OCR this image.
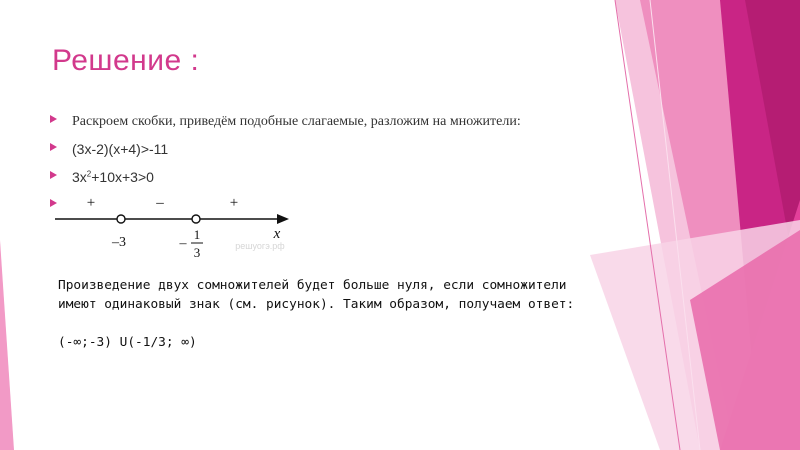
Решение :
Раскроем скобки, приведём подобные слагаемые, разложим на множители:
(3х-2)(х+4)>-11
$3х^2+10х+3>0$
+	–	+
–3	–
1
3
x
решуогэ.рф
Произведение двух сомножителей будет больше нуля, если сомножители имеют одинаковый знак (см. рисунок). Таким образом, получаем ответ:
(-∞;-3) U(-1/3; ∞)
